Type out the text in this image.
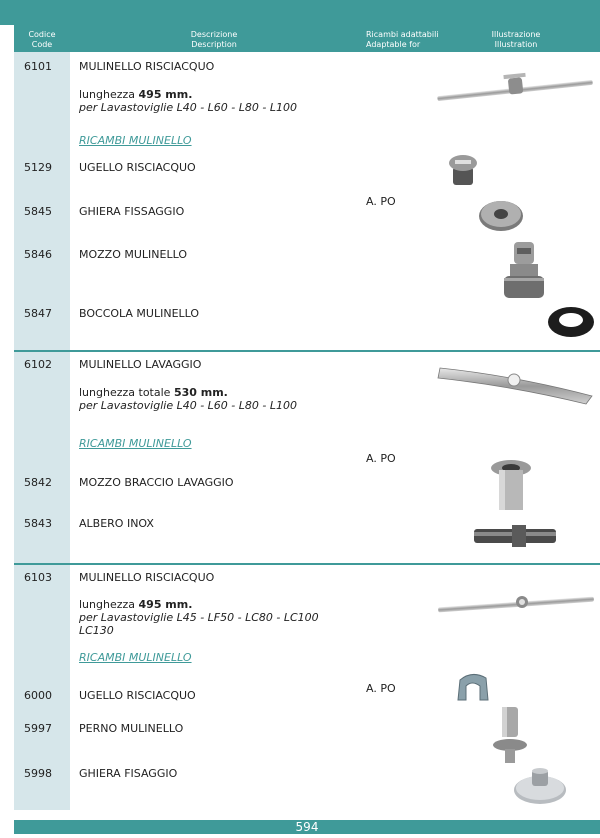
Codice
Code
Descrizione
Description
Ricambi adattabili
Adaptable for
Illustrazione
Illustration
6101 MULINELLO RISCIACQUO
lunghezza 495 mm.
per Lavastoviglie L40 - L60 - L80 - L100
RICAMBI MULINELLO
5129 UGELLO RISCIACQUO
5845 GHIERA FISSAGGIO
5846 MOZZO MULINELLO
5847 BOCCOLA MULINELLO
A. PO
6102 MULINELLO LAVAGGIO
lunghezza totale 530 mm.
per Lavastoviglie L40 - L60 - L80 - L100
RICAMBI MULINELLO
5842 MOZZO BRACCIO LAVAGGIO
5843 ALBERO INOX
A. PO
6103 MULINELLO RISCIACQUO
lunghezza 495 mm.
per Lavastoviglie L45 - LF50 - LC80 - LC100
LC130
RICAMBI MULINELLO
6000 UGELLO RISCIACQUO
5997 PERNO MULINELLO
5998 GHIERA FISAGGIO
A. PO
594
